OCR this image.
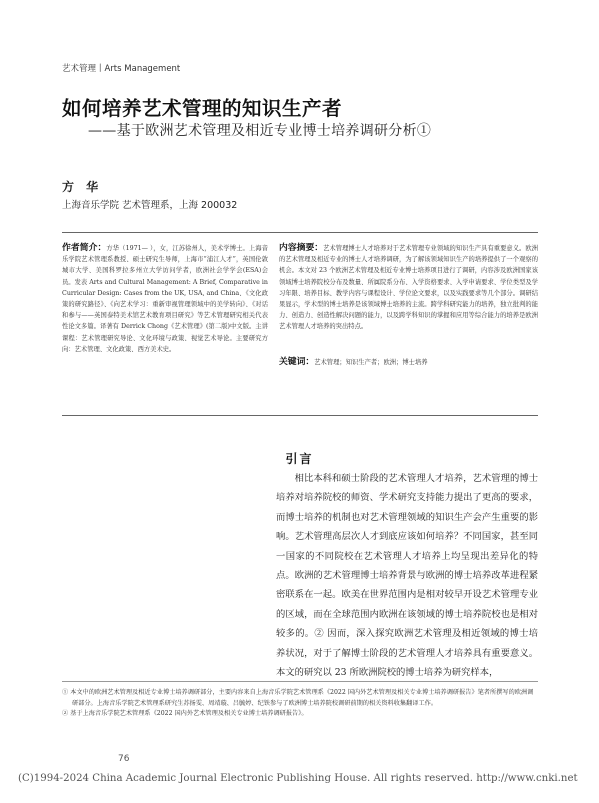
艺术管理丨Arts Management
如何培养艺术管理的知识生产者
——基于欧洲艺术管理及相近专业博士培养调研分析①
方 华
上海音乐学院 艺术管理系，上海 200032
作者简介：方华（1971— ），女，江苏徐州人，美术学博士。上海音乐学院艺术管理系教授、硕士研究生导师，上海市“浦江人才”，英国伦敦城市大学、美国科罗拉多州立大学访问学者，欧洲社会学学会(ESA)会员。发表 Arts and Cultural Management: A Brief, Comparative in Curricular Design: Cases from the UK, USA, and China、《文化政策的研究路径》、《向艺术学习：重新审视管理领域中的美学转向》、《对话和参与——英国泰特美术馆艺术教育项目研究》等艺术管理研究相关代表性论文多篇。译著有 Derrick Chong《艺术管理》(第二版)中文版。主讲课程：艺术管理研究导论、文化环境与政策、视觉艺术导论。主要研究方向：艺术管理、文化政策、西方美术史。
内容摘要：艺术管理博士人才培养对于艺术管理专业领域的知识生产具有重要意义。欧洲的艺术管理及相近专业的博士人才培养调研，为了解该领域知识生产的培养提供了一个观察的机会。本文对 23 个欧洲艺术管理及相近专业博士培养项目进行了调研，内容涉及欧洲国家该领域博士培养院校分布及数量、所属院系分布、入学资格要求、入学申请要求、学位类型及学习年限、培养目标、教学内容与课程设计、学位论文要求，以及实践要求等几个部分。调研结果显示，学术型的博士培养是该领域博士培养的主流。跨学科研究能力的培养，独立批判的能力、创造力、创造性解决问题的能力，以及跨学科知识的掌握和应用等综合能力的培养是欧洲艺术管理人才培养的突出特点。
关键词：艺术管理；知识生产者；欧洲；博士培养
引言

相比本科和硕士阶段的艺术管理人才培养，艺术管理的博士培养对培养院校的师资、学术研究支持能力提出了更高的要求，而博士培养的机制也对艺术管理领域的知识生产会产生重要的影响。艺术管理高层次人才到底应该如何培养？不同国家，甚至同一国家的不同院校在艺术管理人才培养上均呈现出差异化的特点。欧洲的艺术管理博士培养背景与欧洲的博士培养改革进程紧密联系在一起。欧美在世界范围内是相对较早开设艺术管理专业的区域，而在全球范围内欧洲在该领域的博士培养院校也是相对较多的。② 因而，深入探究欧洲艺术管理及相近领域的博士培养状况，对于了解博士阶段的艺术管理人才培养具有重要意义。本文的研究以 23 所欧洲院校的博士培养为研究样本，

① 本文中的欧洲艺术管理及相近专业博士培养调研部分，主要内容来自上海音乐学院艺术管理系《2022 国内外艺术管理及相关专业博士培养调研报告》笔者所撰写的欧洲调研部分。上海音乐学院艺术管理系研究生苏扬雯、周靖璇、吕毓婷、纪铁参与了欧洲博士培养院校调研前期的相关资料收集翻译工作。
② 基于上海音乐学院艺术管理系《2022 国内外艺术管理及相关专业博士培养调研报告》。
76
(C)1994-2024 China Academic Journal Electronic Publishing House. All rights reserved. http://www.cnki.net
